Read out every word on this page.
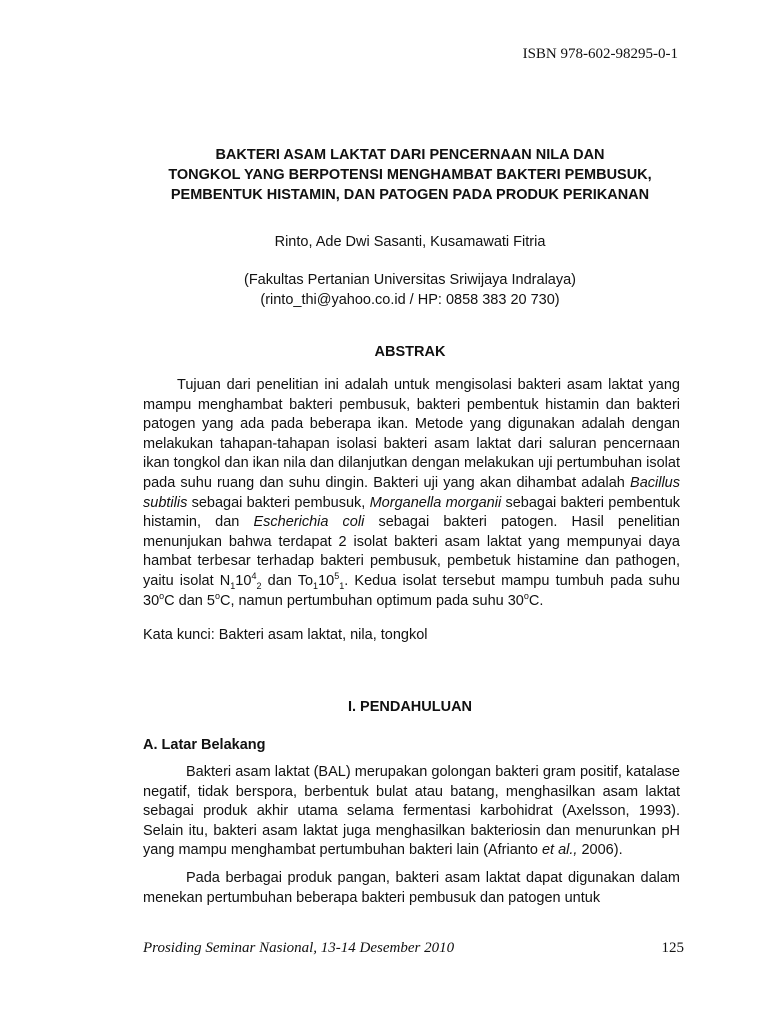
ISBN 978-602-98295-0-1
BAKTERI ASAM LAKTAT DARI PENCERNAAN NILA DAN
TONGKOL YANG BERPOTENSI MENGHAMBAT BAKTERI PEMBUSUK,
PEMBENTUK HISTAMIN, DAN PATOGEN PADA PRODUK PERIKANAN
Rinto, Ade Dwi Sasanti, Kusamawati Fitria
(Fakultas Pertanian Universitas Sriwijaya Indralaya)
(rinto_thi@yahoo.co.id / HP: 0858 383 20 730)
ABSTRAK

Tujuan dari penelitian ini adalah untuk mengisolasi bakteri asam laktat yang mampu menghambat bakteri pembusuk, bakteri pembentuk histamin dan bakteri patogen yang ada pada beberapa ikan. Metode yang digunakan adalah dengan melakukan tahapan-tahapan isolasi bakteri asam laktat dari saluran pencernaan ikan tongkol dan ikan nila dan dilanjutkan dengan melakukan uji pertumbuhan isolat pada suhu ruang dan suhu dingin. Bakteri uji yang akan dihambat adalah Bacillus subtilis sebagai bakteri pembusuk, Morganella morganii sebagai bakteri pembentuk histamin, dan Escherichia coli sebagai bakteri patogen. Hasil penelitian menunjukan bahwa terdapat 2 isolat bakteri asam laktat yang mempunyai daya hambat terbesar terhadap bakteri pembusuk, pembetuk histamine dan pathogen, yaitu isolat $N_110^4_2$ dan $To_110^5_1$. Kedua isolat tersebut mampu tumbuh pada suhu 30$^o$C dan 5$^o$C, namun pertumbuhan optimum pada suhu 30$^o$C.

Kata kunci: Bakteri asam laktat, nila, tongkol

I. PENDAHULUAN
A. Latar Belakang

Bakteri asam laktat (BAL) merupakan golongan bakteri gram positif, katalase negatif, tidak berspora, berbentuk bulat atau batang, menghasilkan asam laktat sebagai produk akhir utama selama fermentasi karbohidrat (Axelsson, 1993). Selain itu, bakteri asam laktat juga menghasilkan bakteriosin dan menurunkan pH yang mampu menghambat pertumbuhan bakteri lain (Afrianto et al., 2006).

Pada berbagai produk pangan, bakteri asam laktat dapat digunakan dalam menekan pertumbuhan beberapa bakteri pembusuk dan patogen untuk

Prosiding Seminar Nasional, 13-14 Desember 2010	125
